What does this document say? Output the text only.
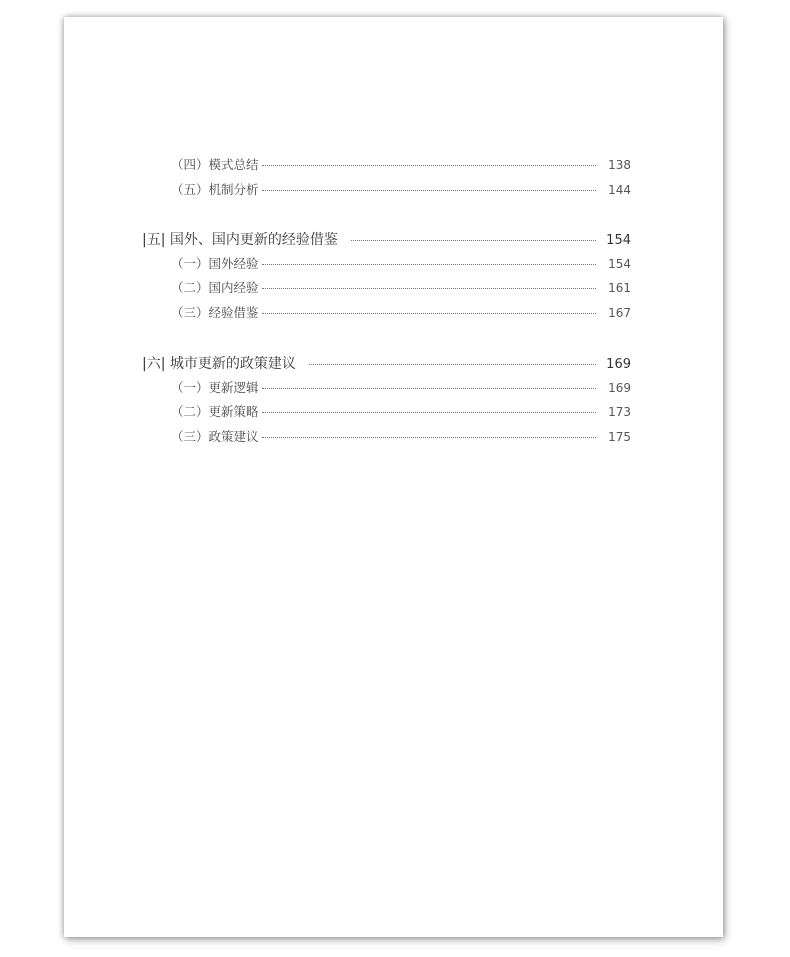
（四）模式总结	138
（五）机制分析	144
|五| 国外、国内更新的经验借鉴	154
（一）国外经验	154
（二）国内经验	161
（三）经验借鉴	167
|六| 城市更新的政策建议	169
（一）更新逻辑	169
（二）更新策略	173
（三）政策建议	175
